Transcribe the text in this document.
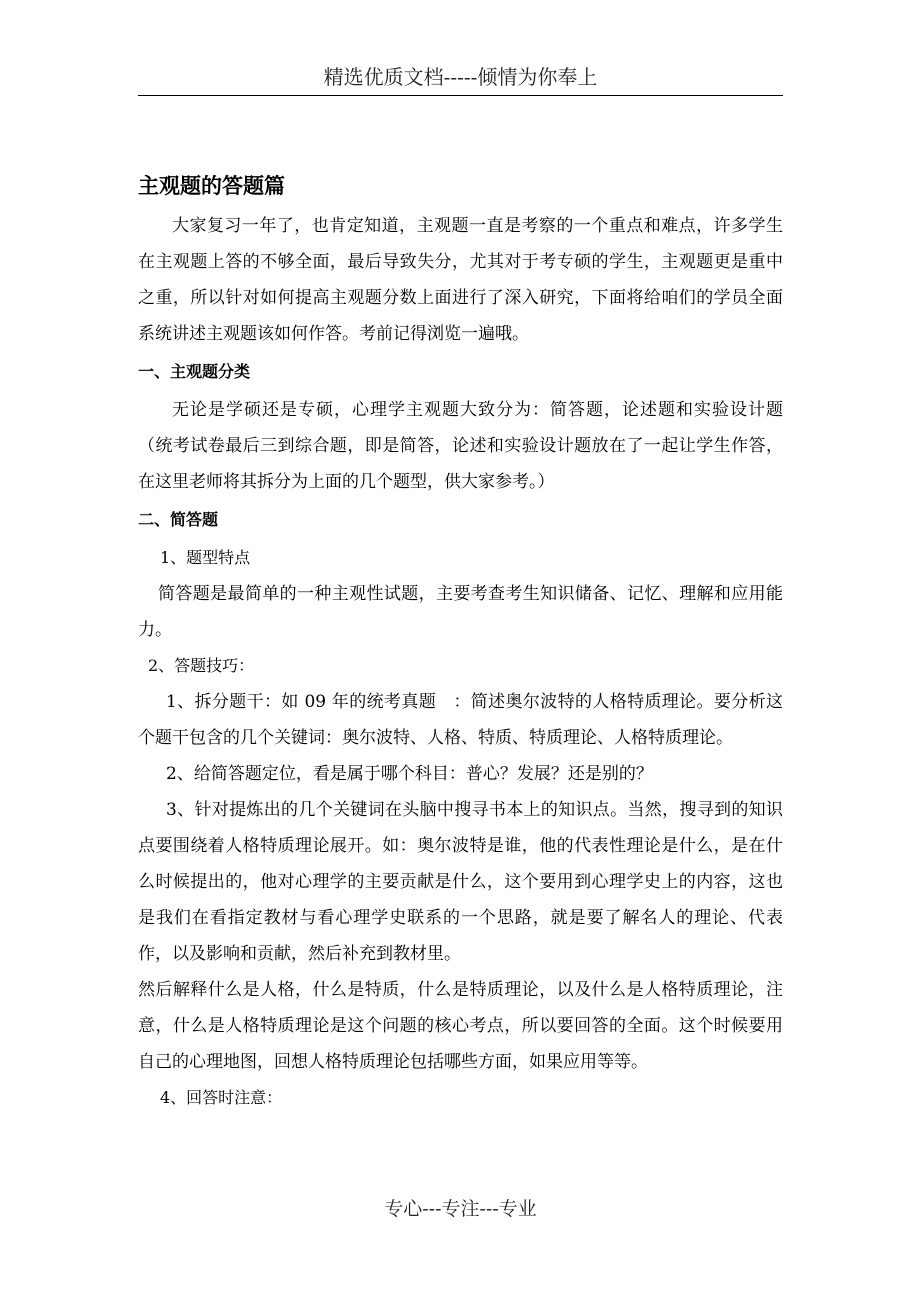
精选优质文档-----倾情为你奉上
主观题的答题篇

大家复习一年了，也肯定知道，主观题一直是考察的一个重点和难点，许多学生在主观题上答的不够全面，最后导致失分，尤其对于考专硕的学生，主观题更是重中之重，所以针对如何提高主观题分数上面进行了深入研究，下面将给咱们的学员全面系统讲述主观题该如何作答。考前记得浏览一遍哦。

一、主观题分类

无论是学硕还是专硕，心理学主观题大致分为：简答题，论述题和实验设计题（统考试卷最后三到综合题，即是简答，论述和实验设计题放在了一起让学生作答，在这里老师将其拆分为上面的几个题型，供大家参考。）

二、简答题

1、题型特点

简答题是最简单的一种主观性试题，主要考查考生知识储备、记忆、理解和应用能力。

2、答题技巧：

1、拆分题干：如 09 年的统考真题　：简述奥尔波特的人格特质理论。要分析这个题干包含的几个关键词：奥尔波特、人格、特质、特质理论、人格特质理论。

2、给简答题定位，看是属于哪个科目：普心？发展？还是别的？

3、针对提炼出的几个关键词在头脑中搜寻书本上的知识点。当然，搜寻到的知识点要围绕着人格特质理论展开。如：奥尔波特是谁，他的代表性理论是什么，是在什么时候提出的，他对心理学的主要贡献是什么，这个要用到心理学史上的内容，这也是我们在看指定教材与看心理学史联系的一个思路，就是要了解名人的理论、代表作，以及影响和贡献，然后补充到教材里。

然后解释什么是人格，什么是特质，什么是特质理论，以及什么是人格特质理论，注意，什么是人格特质理论是这个问题的核心考点，所以要回答的全面。这个时候要用自己的心理地图，回想人格特质理论包括哪些方面，如果应用等等。

4、回答时注意：

专心---专注---专业
